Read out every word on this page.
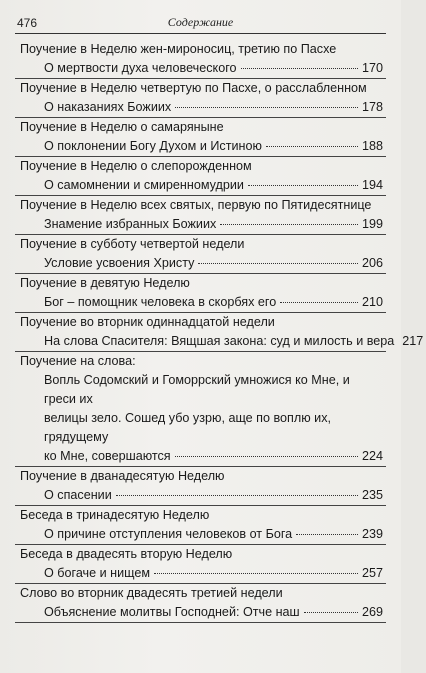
476	Содержание
Поучение в Неделю жен-мироносиц, третию по Пасхе
О мертвости духа человеческого	170
Поучение в Неделю четвертую по Пасхе, о расслабленном
О наказаниях Божиих	178
Поучение в Неделю о самаряныне
О поклонении Богу Духом и Истиною	188
Поучение в Неделю о слепорожденном
О самомнении и смиренномудрии	194
Поучение в Неделю всех святых, первую по Пятидесятнице
Знамение избранных Божиих	199
Поучение в субботу четвертой недели
Условие усвоения Христу	206
Поучение в девятую Неделю
Бог – помощник человека в скорбях его	210
Поучение во вторник одиннадцатой недели
На слова Спасителя: Вящшая закона: суд и милость и вера 217
Поучение на слова:
Вопль Содомский и Гоморрский умножися ко Мне, и греси их
велицы зело. Сошед убо узрю, аще по воплю их, грядущему
ко Мне, совершаются	224
Поучение в дванадесятую Неделю
О спасении	235
Беседа в тринадесятую Неделю
О причине отступления человеков от Бога	239
Беседа в двадесять вторую Неделю
О богаче и нищем	257
Слово во вторник двадесять третией недели
Объяснение молитвы Господней: Отче наш	269
